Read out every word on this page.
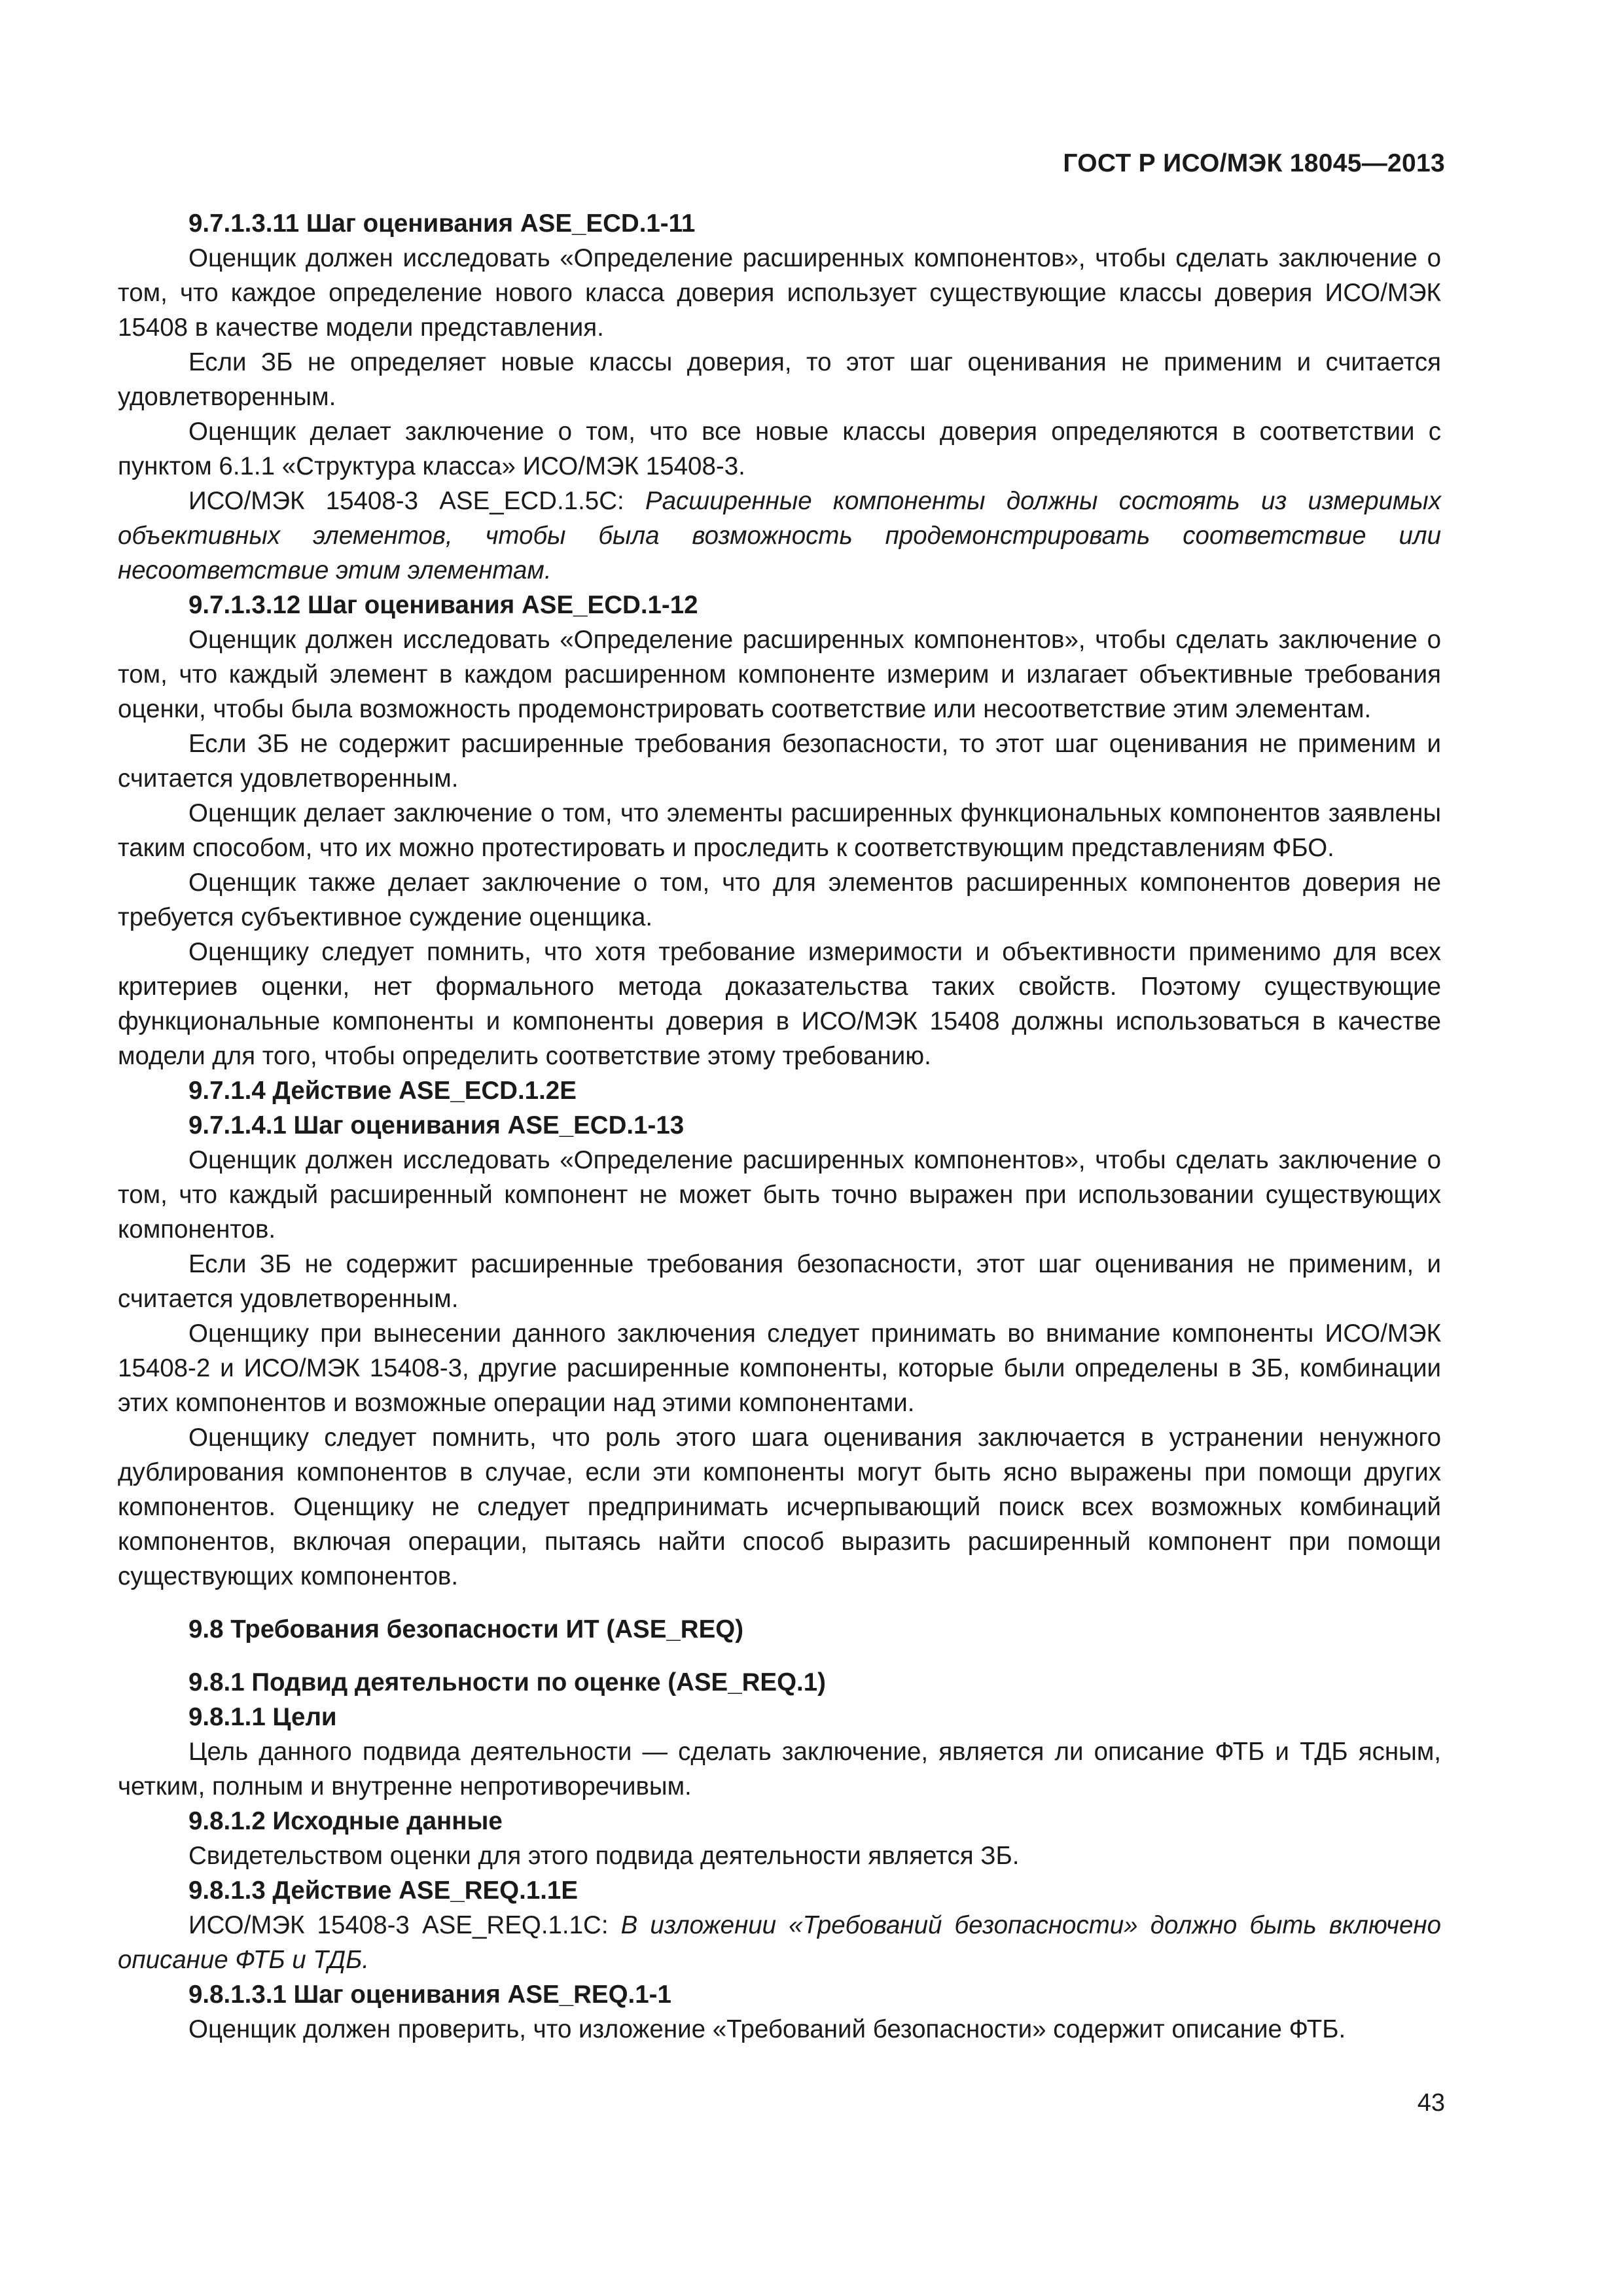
ГОСТ Р ИСО/МЭК 18045—2013

9.7.1.3.11 Шаг оценивания ASE_ECD.1-11

Оценщик должен исследовать «Определение расширенных компонентов», чтобы сделать заключение о том, что каждое определение нового класса доверия использует существующие классы доверия ИСО/МЭК 15408 в качестве модели представления.

Если ЗБ не определяет новые классы доверия, то этот шаг оценивания не применим и считается удовлетворенным.

Оценщик делает заключение о том, что все новые классы доверия определяются в соответствии с пунктом 6.1.1 «Структура класса» ИСО/МЭК 15408-3.

ИСО/МЭК 15408-3 ASE_ECD.1.5C: Расширенные компоненты должны состоять из измеримых объективных элементов, чтобы была возможность продемонстрировать соответствие или несоответствие этим элементам.

9.7.1.3.12 Шаг оценивания ASE_ECD.1-12

Оценщик должен исследовать «Определение расширенных компонентов», чтобы сделать заключение о том, что каждый элемент в каждом расширенном компоненте измерим и излагает объективные требования оценки, чтобы была возможность продемонстрировать соответствие или несоответствие этим элементам.

Если ЗБ не содержит расширенные требования безопасности, то этот шаг оценивания не применим и считается удовлетворенным.

Оценщик делает заключение о том, что элементы расширенных функциональных компонентов заявлены таким способом, что их можно протестировать и проследить к соответствующим представлениям ФБО.

Оценщик также делает заключение о том, что для элементов расширенных компонентов доверия не требуется субъективное суждение оценщика.

Оценщику следует помнить, что хотя требование измеримости и объективности применимо для всех критериев оценки, нет формального метода доказательства таких свойств. Поэтому существующие функциональные компоненты и компоненты доверия в ИСО/МЭК 15408 должны использоваться в качестве модели для того, чтобы определить соответствие этому требованию.

9.7.1.4 Действие ASE_ECD.1.2E

9.7.1.4.1 Шаг оценивания ASE_ECD.1-13

Оценщик должен исследовать «Определение расширенных компонентов», чтобы сделать заключение о том, что каждый расширенный компонент не может быть точно выражен при использовании существующих компонентов.

Если ЗБ не содержит расширенные требования безопасности, этот шаг оценивания не применим, и считается удовлетворенным.

Оценщику при вынесении данного заключения следует принимать во внимание компоненты ИСО/МЭК 15408-2 и ИСО/МЭК 15408-3, другие расширенные компоненты, которые были определены в ЗБ, комбинации этих компонентов и возможные операции над этими компонентами.

Оценщику следует помнить, что роль этого шага оценивания заключается в устранении ненужного дублирования компонентов в случае, если эти компоненты могут быть ясно выражены при помощи других компонентов. Оценщику не следует предпринимать исчерпывающий поиск всех возможных комбинаций компонентов, включая операции, пытаясь найти способ выразить расширенный компонент при помощи существующих компонентов.

9.8 Требования безопасности ИТ (ASE_REQ)

9.8.1 Подвид деятельности по оценке (ASE_REQ.1)

9.8.1.1 Цели

Цель данного подвида деятельности — сделать заключение, является ли описание ФТБ и ТДБ ясным, четким, полным и внутренне непротиворечивым.

9.8.1.2 Исходные данные

Свидетельством оценки для этого подвида деятельности является ЗБ.

9.8.1.3 Действие ASE_REQ.1.1E

ИСО/МЭК 15408-3 ASE_REQ.1.1C: В изложении «Требований безопасности» должно быть включено описание ФТБ и ТДБ.

9.8.1.3.1 Шаг оценивания ASE_REQ.1-1

Оценщик должен проверить, что изложение «Требований безопасности» содержит описание ФТБ.

43
